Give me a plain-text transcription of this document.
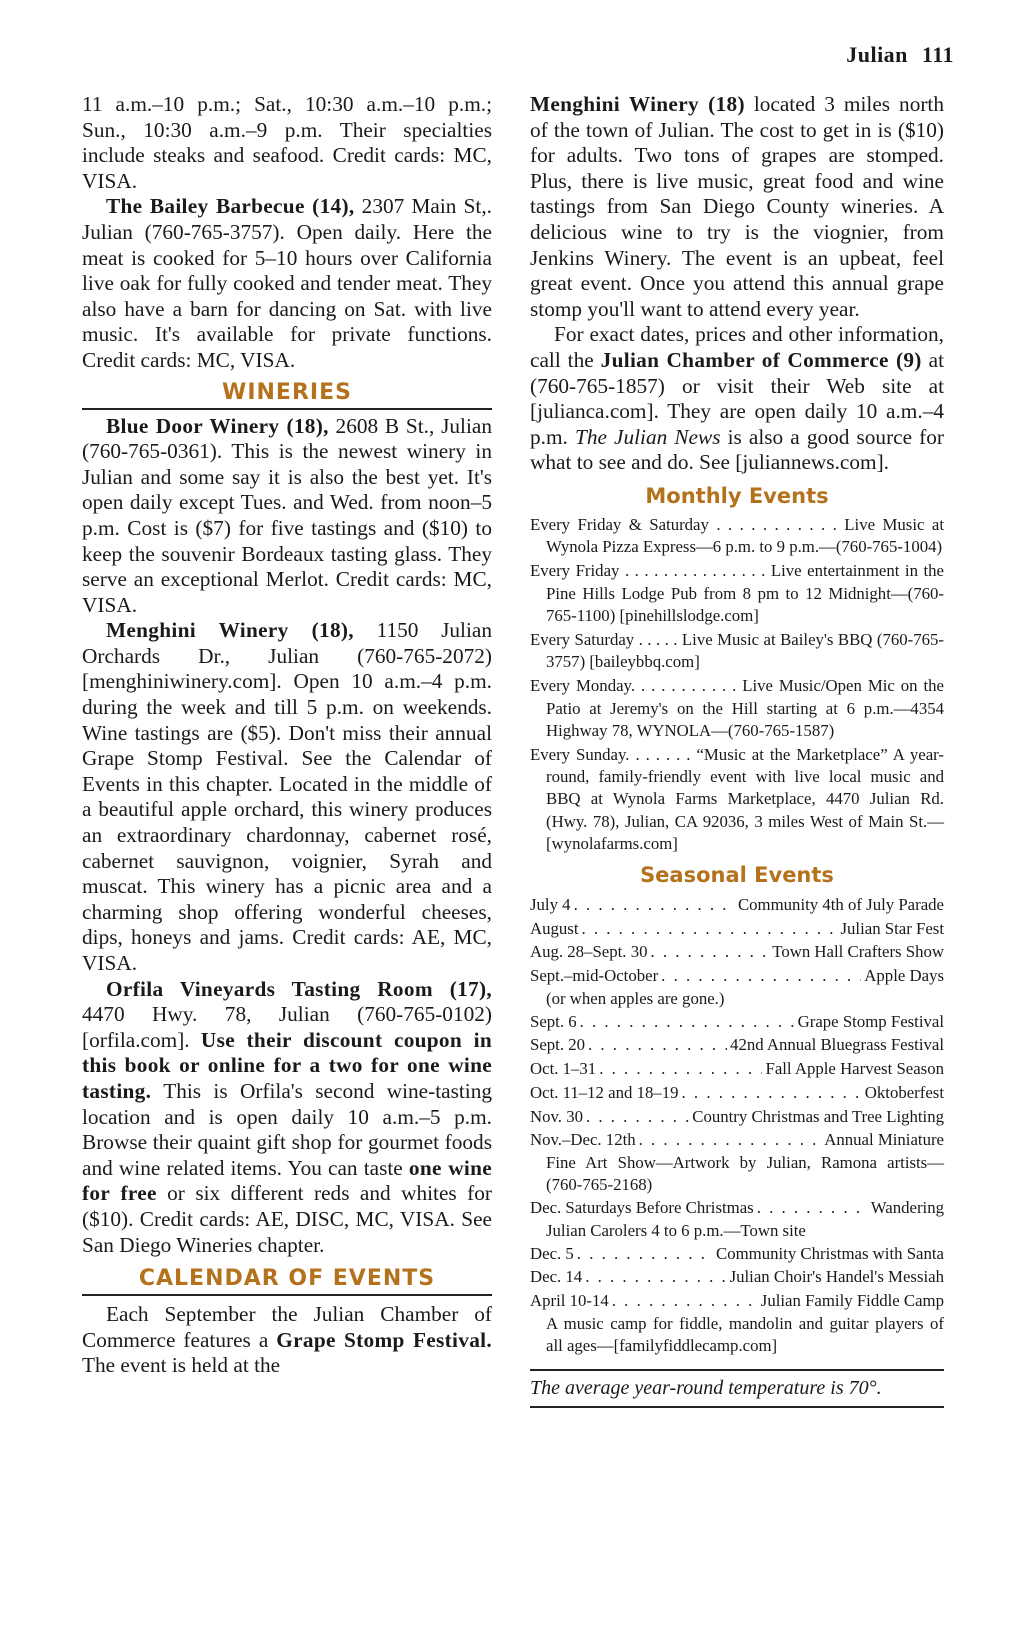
Julian 111

11 a.m.–10 p.m.; Sat., 10:30 a.m.–10 p.m.; Sun., 10:30 a.m.–9 p.m. Their specialties include steaks and seafood. Credit cards: MC, VISA.

The Bailey Barbecue (14), 2307 Main St,. Julian (760-765-3757). Open daily. Here the meat is cooked for 5–10 hours over California live oak for fully cooked and tender meat. They also have a barn for dancing on Sat. with live music. It's available for private functions. Credit cards: MC, VISA.

WINERIES

Blue Door Winery (18), 2608 B St., Julian (760-765-0361). This is the newest winery in Julian and some say it is also the best yet. It's open daily except Tues. and Wed. from noon–5 p.m. Cost is ($7) for five tastings and ($10) to keep the souvenir Bordeaux tasting glass. They serve an exceptional Merlot. Credit cards: MC, VISA.

Menghini Winery (18), 1150 Julian Orchards Dr., Julian (760-765-2072) [menghiniwinery.com]. Open 10 a.m.–4 p.m. during the week and till 5 p.m. on weekends. Wine tastings are ($5). Don't miss their annual Grape Stomp Festival. See the Calendar of Events in this chapter. Located in the middle of a beautiful apple orchard, this winery produces an extraordinary chardonnay, cabernet rosé, cabernet sauvignon, voignier, Syrah and muscat. This winery has a picnic area and a charming shop offering wonderful cheeses, dips, honeys and jams. Credit cards: AE, MC, VISA.

Orfila Vineyards Tasting Room (17), 4470 Hwy. 78, Julian (760-765-0102) [orfila.com]. Use their discount coupon in this book or online for a two for one wine tasting. This is Orfila's second wine-tasting location and is open daily 10 a.m.–5 p.m. Browse their quaint gift shop for gourmet foods and wine related items. You can taste one wine for free or six different reds and whites for ($10). Credit cards: AE, DISC, MC, VISA. See San Diego Wineries chapter.

CALENDAR OF EVENTS

Each September the Julian Chamber of Commerce features a Grape Stomp Festival. The event is held at the

Menghini Winery (18) located 3 miles north of the town of Julian. The cost to get in is ($10) for adults. Two tons of grapes are stomped. Plus, there is live music, great food and wine tastings from San Diego County wineries. A delicious wine to try is the viognier, from Jenkins Winery. The event is an upbeat, feel great event. Once you attend this annual grape stomp you'll want to attend every year.

For exact dates, prices and other information, call the Julian Chamber of Commerce (9) at (760-765-1857) or visit their Web site at [julianca.com]. They are open daily 10 a.m.–4 p.m. The Julian News is also a good source for what to see and do. See [juliannews.com].

Monthly Events

Every Friday & Saturday . . . . . . . . . . . Live Music at Wynola Pizza Express—6 p.m. to 9 p.m.—(760-765-1004)

Every Friday . . . . . . . . . . . . . . . Live entertainment in the Pine Hills Lodge Pub from 8 pm to 12 Midnight—(760-765-1100) [pinehillslodge.com]

Every Saturday . . . . . Live Music at Bailey's BBQ (760-765-3757) [baileybbq.com]

Every Monday. . . . . . . . . . . Live Music/Open Mic on the Patio at Jeremy's on the Hill starting at 6 p.m.—4354 Highway 78, WYNOLA—(760-765-1587)

Every Sunday. . . . . . . “Music at the Marketplace” A year-round, family-friendly event with live local music and BBQ at Wynola Farms Marketplace, 4470 Julian Rd. (Hwy. 78), Julian, CA 92036, 3 miles West of Main St.—[wynolafarms.com]

Seasonal Events
July 4 . . .	Community 4th of July Parade
August . . .	Julian Star Fest
Aug. 28–Sept. 30 . . .	Town Hall Crafters Show
Sept.–mid-October . . .	Apple Days
(or when apples are gone.)
Sept. 6 . . .	Grape Stomp Festival
Sept. 20 . . .	42nd Annual Bluegrass Festival
Oct. 1–31 . . .	Fall Apple Harvest Season
Oct. 11–12 and 18–19 . . .	Oktoberfest
Nov. 30 . . .	Country Christmas and Tree Lighting
Nov.–Dec. 12th . . .	Annual Miniature
Fine Art Show—Artwork by Julian, Ramona artists—(760-765-2168)
Dec. Saturdays Before Christmas . . .	Wandering
Julian Carolers 4 to 6 p.m.—Town site
Dec. 5 . . .	Community Christmas with Santa
Dec. 14 . . .	Julian Choir's Handel's Messiah
April 10-14 . . .	Julian Family Fiddle Camp
A music camp for fiddle, mandolin and guitar players of all ages—[familyfiddlecamp.com]
The average year-round temperature is 70°.
